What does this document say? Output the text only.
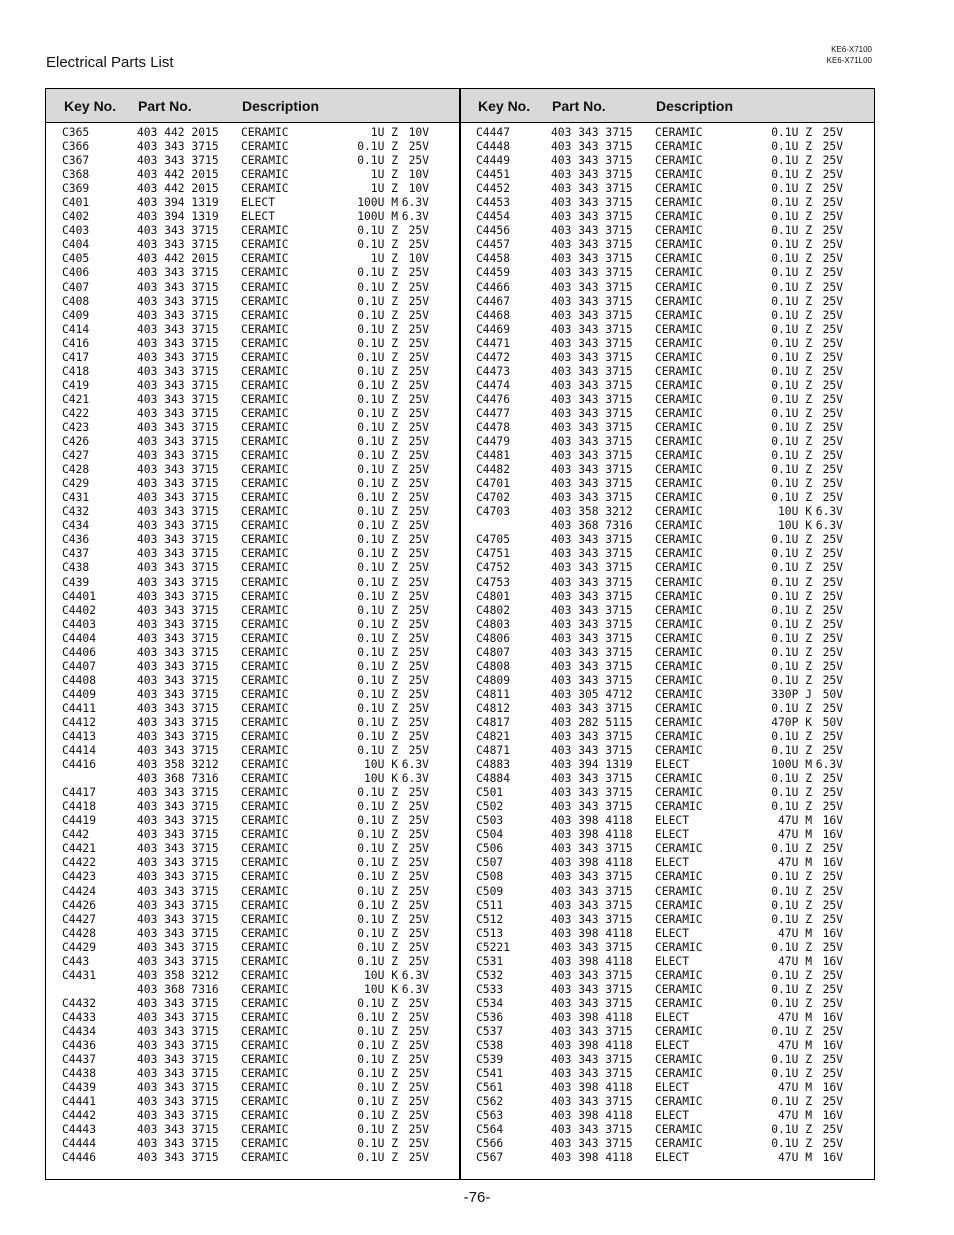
Electrical Parts List
KE6-X7100
KE6-X71L00
Key No. Part No.	Description	Key No. Part No.	Description
C365	403 442 2015 CERAMIC	1U Z 10V
C366	403 343 3715 CERAMIC	0.1U Z 25V
C367	403 343 3715 CERAMIC	0.1U Z 25V
C368	403 442 2015 CERAMIC	1U Z 10V
C369	403 442 2015 CERAMIC	1U Z 10V
C401	403 394 1319 ELECT	100U M 6.3V
C402	403 394 1319 ELECT	100U M 6.3V
C403	403 343 3715 CERAMIC	0.1U Z 25V
C404	403 343 3715 CERAMIC	0.1U Z 25V
C405	403 442 2015 CERAMIC	1U Z 10V
C406	403 343 3715 CERAMIC	0.1U Z 25V
C407	403 343 3715 CERAMIC	0.1U Z 25V
C408	403 343 3715 CERAMIC	0.1U Z 25V
C409	403 343 3715 CERAMIC	0.1U Z 25V
C414	403 343 3715 CERAMIC	0.1U Z 25V
C416	403 343 3715 CERAMIC	0.1U Z 25V
C417	403 343 3715 CERAMIC	0.1U Z 25V
C418	403 343 3715 CERAMIC	0.1U Z 25V
C419	403 343 3715 CERAMIC	0.1U Z 25V
C421	403 343 3715 CERAMIC	0.1U Z 25V
C422	403 343 3715 CERAMIC	0.1U Z 25V
C423	403 343 3715 CERAMIC	0.1U Z 25V
C426	403 343 3715 CERAMIC	0.1U Z 25V
C427	403 343 3715 CERAMIC	0.1U Z 25V
C428	403 343 3715 CERAMIC	0.1U Z 25V
C429	403 343 3715 CERAMIC	0.1U Z 25V
C431	403 343 3715 CERAMIC	0.1U Z 25V
C432	403 343 3715 CERAMIC	0.1U Z 25V
C434	403 343 3715 CERAMIC	0.1U Z 25V
C436	403 343 3715 CERAMIC	0.1U Z 25V
C437	403 343 3715 CERAMIC	0.1U Z 25V
C438	403 343 3715 CERAMIC	0.1U Z 25V
C439	403 343 3715 CERAMIC	0.1U Z 25V
C4401	403 343 3715 CERAMIC	0.1U Z 25V
C4402	403 343 3715 CERAMIC	0.1U Z 25V
C4403	403 343 3715 CERAMIC	0.1U Z 25V
C4404	403 343 3715 CERAMIC	0.1U Z 25V
C4406	403 343 3715 CERAMIC	0.1U Z 25V
C4407	403 343 3715 CERAMIC	0.1U Z 25V
C4408	403 343 3715 CERAMIC	0.1U Z 25V
C4409	403 343 3715 CERAMIC	0.1U Z 25V
C4411	403 343 3715 CERAMIC	0.1U Z 25V
C4412	403 343 3715 CERAMIC	0.1U Z 25V
C4413	403 343 3715 CERAMIC	0.1U Z 25V
C4414	403 343 3715 CERAMIC	0.1U Z 25V
C4416	403 358 3212 CERAMIC	10U K 6.3V
403 368 7316 CERAMIC	10U K 6.3V
C4417	403 343 3715 CERAMIC	0.1U Z 25V
C4418	403 343 3715 CERAMIC	0.1U Z 25V
C4419	403 343 3715 CERAMIC	0.1U Z 25V
C442	403 343 3715 CERAMIC	0.1U Z 25V
C4421	403 343 3715 CERAMIC	0.1U Z 25V
C4422	403 343 3715 CERAMIC	0.1U Z 25V
C4423	403 343 3715 CERAMIC	0.1U Z 25V
C4424	403 343 3715 CERAMIC	0.1U Z 25V
C4426	403 343 3715 CERAMIC	0.1U Z 25V
C4427	403 343 3715 CERAMIC	0.1U Z 25V
C4428	403 343 3715 CERAMIC	0.1U Z 25V
C4429	403 343 3715 CERAMIC	0.1U Z 25V
C443	403 343 3715 CERAMIC	0.1U Z 25V
C4431	403 358 3212 CERAMIC	10U K 6.3V
403 368 7316 CERAMIC	10U K 6.3V
C4432	403 343 3715 CERAMIC	0.1U Z 25V
C4433	403 343 3715 CERAMIC	0.1U Z 25V
C4434	403 343 3715 CERAMIC	0.1U Z 25V
C4436	403 343 3715 CERAMIC	0.1U Z 25V
C4437	403 343 3715 CERAMIC	0.1U Z 25V
C4438	403 343 3715 CERAMIC	0.1U Z 25V
C4439	403 343 3715 CERAMIC	0.1U Z 25V
C4441	403 343 3715 CERAMIC	0.1U Z 25V
C4442	403 343 3715 CERAMIC	0.1U Z 25V
C4443	403 343 3715 CERAMIC	0.1U Z 25V
C4444	403 343 3715 CERAMIC	0.1U Z 25V
C4446	403 343 3715 CERAMIC	0.1U Z 25V
C4447	403 343 3715 CERAMIC	0.1U Z 25V
C4448	403 343 3715 CERAMIC	0.1U Z 25V
C4449	403 343 3715 CERAMIC	0.1U Z 25V
C4451	403 343 3715 CERAMIC	0.1U Z 25V
C4452	403 343 3715 CERAMIC	0.1U Z 25V
C4453	403 343 3715 CERAMIC	0.1U Z 25V
C4454	403 343 3715 CERAMIC	0.1U Z 25V
C4456	403 343 3715 CERAMIC	0.1U Z 25V
C4457	403 343 3715 CERAMIC	0.1U Z 25V
C4458	403 343 3715 CERAMIC	0.1U Z 25V
C4459	403 343 3715 CERAMIC	0.1U Z 25V
C4466	403 343 3715 CERAMIC	0.1U Z 25V
C4467	403 343 3715 CERAMIC	0.1U Z 25V
C4468	403 343 3715 CERAMIC	0.1U Z 25V
C4469	403 343 3715 CERAMIC	0.1U Z 25V
C4471	403 343 3715 CERAMIC	0.1U Z 25V
C4472	403 343 3715 CERAMIC	0.1U Z 25V
C4473	403 343 3715 CERAMIC	0.1U Z 25V
C4474	403 343 3715 CERAMIC	0.1U Z 25V
C4476	403 343 3715 CERAMIC	0.1U Z 25V
C4477	403 343 3715 CERAMIC	0.1U Z 25V
C4478	403 343 3715 CERAMIC	0.1U Z 25V
C4479	403 343 3715 CERAMIC	0.1U Z 25V
C4481	403 343 3715 CERAMIC	0.1U Z 25V
C4482	403 343 3715 CERAMIC	0.1U Z 25V
C4701	403 343 3715 CERAMIC	0.1U Z 25V
C4702	403 343 3715 CERAMIC	0.1U Z 25V
C4703	403 358 3212 CERAMIC	10U K 6.3V
403 368 7316 CERAMIC	10U K 6.3V
C4705	403 343 3715 CERAMIC	0.1U Z 25V
C4751	403 343 3715 CERAMIC	0.1U Z 25V
C4752	403 343 3715 CERAMIC	0.1U Z 25V
C4753	403 343 3715 CERAMIC	0.1U Z 25V
C4801	403 343 3715 CERAMIC	0.1U Z 25V
C4802	403 343 3715 CERAMIC	0.1U Z 25V
C4803	403 343 3715 CERAMIC	0.1U Z 25V
C4806	403 343 3715 CERAMIC	0.1U Z 25V
C4807	403 343 3715 CERAMIC	0.1U Z 25V
C4808	403 343 3715 CERAMIC	0.1U Z 25V
C4809	403 343 3715 CERAMIC	0.1U Z 25V
C4811	403 305 4712 CERAMIC	330P J 50V
C4812	403 343 3715 CERAMIC	0.1U Z 25V
C4817	403 282 5115 CERAMIC	470P K 50V
C4821	403 343 3715 CERAMIC	0.1U Z 25V
C4871	403 343 3715 CERAMIC	0.1U Z 25V
C4883	403 394 1319 ELECT	100U M 6.3V
C4884	403 343 3715 CERAMIC	0.1U Z 25V
C501	403 343 3715 CERAMIC	0.1U Z 25V
C502	403 343 3715 CERAMIC	0.1U Z 25V
C503	403 398 4118 ELECT	47U M 16V
C504	403 398 4118 ELECT	47U M 16V
C506	403 343 3715 CERAMIC	0.1U Z 25V
C507	403 398 4118 ELECT	47U M 16V
C508	403 343 3715 CERAMIC	0.1U Z 25V
C509	403 343 3715 CERAMIC	0.1U Z 25V
C511	403 343 3715 CERAMIC	0.1U Z 25V
C512	403 343 3715 CERAMIC	0.1U Z 25V
C513	403 398 4118 ELECT	47U M 16V
C5221	403 343 3715 CERAMIC	0.1U Z 25V
C531	403 398 4118 ELECT	47U M 16V
C532	403 343 3715 CERAMIC	0.1U Z 25V
C533	403 343 3715 CERAMIC	0.1U Z 25V
C534	403 343 3715 CERAMIC	0.1U Z 25V
C536	403 398 4118 ELECT	47U M 16V
C537	403 343 3715 CERAMIC	0.1U Z 25V
C538	403 398 4118 ELECT	47U M 16V
C539	403 343 3715 CERAMIC	0.1U Z 25V
C541	403 343 3715 CERAMIC	0.1U Z 25V
C561	403 398 4118 ELECT	47U M 16V
C562	403 343 3715 CERAMIC	0.1U Z 25V
C563	403 398 4118 ELECT	47U M 16V
C564	403 343 3715 CERAMIC	0.1U Z 25V
C566	403 343 3715 CERAMIC	0.1U Z 25V
C567	403 398 4118 ELECT	47U M 16V
-76-
